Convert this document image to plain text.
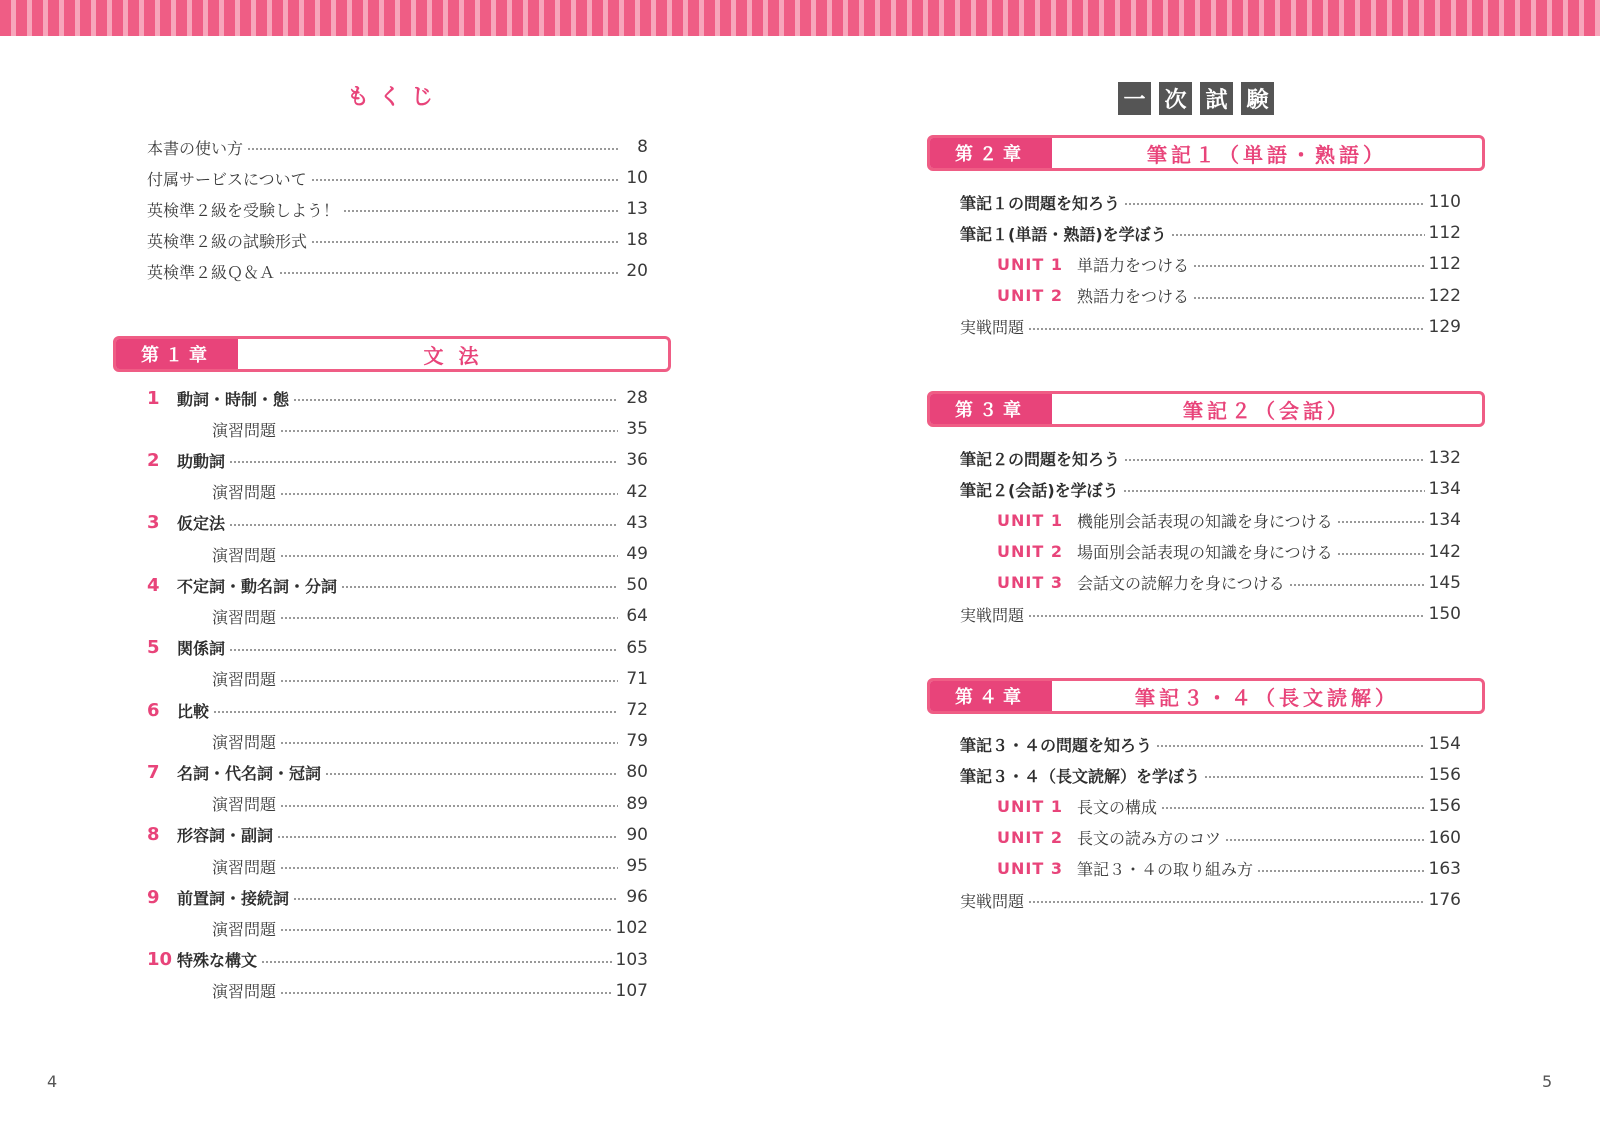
もくじ
本書の使い方	8
付属サービスについて	10
英検準２級を受験しよう！	13
英検準２級の試験形式	18
英検準２級Ｑ＆Ａ	20
第１章	文 法
1	動詞・時制・態	28
演習問題	35
2	助動詞	36
演習問題	42
3	仮定法	43
演習問題	49
4	不定詞・動名詞・分詞	50
演習問題	64
5	関係詞	65
演習問題	71
6	比較	72
演習問題	79
7	名詞・代名詞・冠詞	80
演習問題	89
8	形容詞・副詞	90
演習問題	95
9	前置詞・接続詞	96
演習問題	102
10 特殊な構文	103
演習問題	107
4
一 次 試 験
第２章	筆記１（単語・熟語）
筆記１の問題を知ろう	110
筆記１(単語・熟語)を学ぼう	112
UNIT 1 単語力をつける	112
UNIT 2 熟語力をつける	122
実戦問題	129
第３章	筆記２（会話）
筆記２の問題を知ろう	132
筆記２(会話)を学ぼう	134
UNIT 1 機能別会話表現の知識を身につける	134
UNIT 2 場面別会話表現の知識を身につける	142
UNIT 3 会話文の読解力を身につける	145
実戦問題	150
第４章	筆記３・４（長文読解）
筆記３・４の問題を知ろう	154
筆記３・４（長文読解）を学ぼう	156
UNIT 1 長文の構成	156
UNIT 2 長文の読み方のコツ	160
UNIT 3 筆記３・４の取り組み方	163
実戦問題	176
5
